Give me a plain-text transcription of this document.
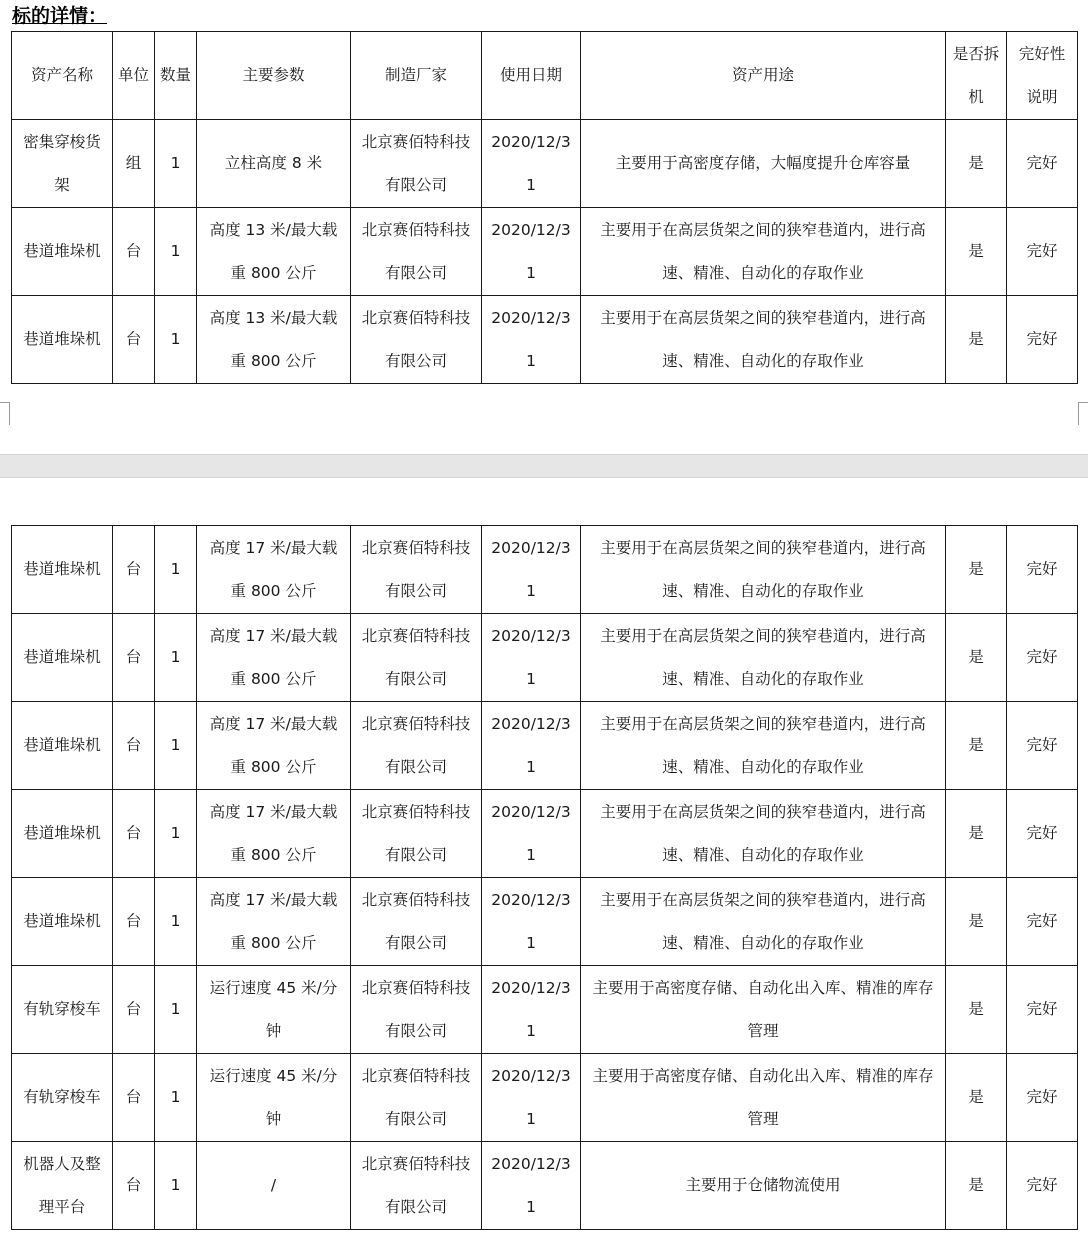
标的详情：
资产名称	单位	数量	主要参数	制造厂家	使用日期	资产用途	是否拆机	完好性说明
密集穿梭货架	组	1	立柱高度 8 米	北京赛佰特科技有限公司	2020/12/31	主要用于高密度存储，大幅度提升仓库容量	是	完好
巷道堆垛机	台	1	高度 13 米/最大载重 800 公斤	北京赛佰特科技有限公司	2020/12/31	主要用于在高层货架之间的狭窄巷道内，进行高速、精准、自动化的存取作业	是	完好
巷道堆垛机	台	1	高度 13 米/最大载重 800 公斤	北京赛佰特科技有限公司	2020/12/31	主要用于在高层货架之间的狭窄巷道内，进行高速、精准、自动化的存取作业	是	完好
巷道堆垛机	台	1	高度 17 米/最大载重 800 公斤	北京赛佰特科技有限公司	2020/12/31	主要用于在高层货架之间的狭窄巷道内，进行高速、精准、自动化的存取作业	是	完好
巷道堆垛机	台	1	高度 17 米/最大载重 800 公斤	北京赛佰特科技有限公司	2020/12/31	主要用于在高层货架之间的狭窄巷道内，进行高速、精准、自动化的存取作业	是	完好
巷道堆垛机	台	1	高度 17 米/最大载重 800 公斤	北京赛佰特科技有限公司	2020/12/31	主要用于在高层货架之间的狭窄巷道内，进行高速、精准、自动化的存取作业	是	完好
巷道堆垛机	台	1	高度 17 米/最大载重 800 公斤	北京赛佰特科技有限公司	2020/12/31	主要用于在高层货架之间的狭窄巷道内，进行高速、精准、自动化的存取作业	是	完好
巷道堆垛机	台	1	高度 17 米/最大载重 800 公斤	北京赛佰特科技有限公司	2020/12/31	主要用于在高层货架之间的狭窄巷道内，进行高速、精准、自动化的存取作业	是	完好
有轨穿梭车	台	1	运行速度 45 米/分钟	北京赛佰特科技有限公司	2020/12/31	主要用于高密度存储、自动化出入库、精准的库存管理	是	完好
有轨穿梭车	台	1	运行速度 45 米/分钟	北京赛佰特科技有限公司	2020/12/31	主要用于高密度存储、自动化出入库、精准的库存管理	是	完好
机器人及整理平台	台	1	/	北京赛佰特科技有限公司	2020/12/31	主要用于仓储物流使用	是	完好
